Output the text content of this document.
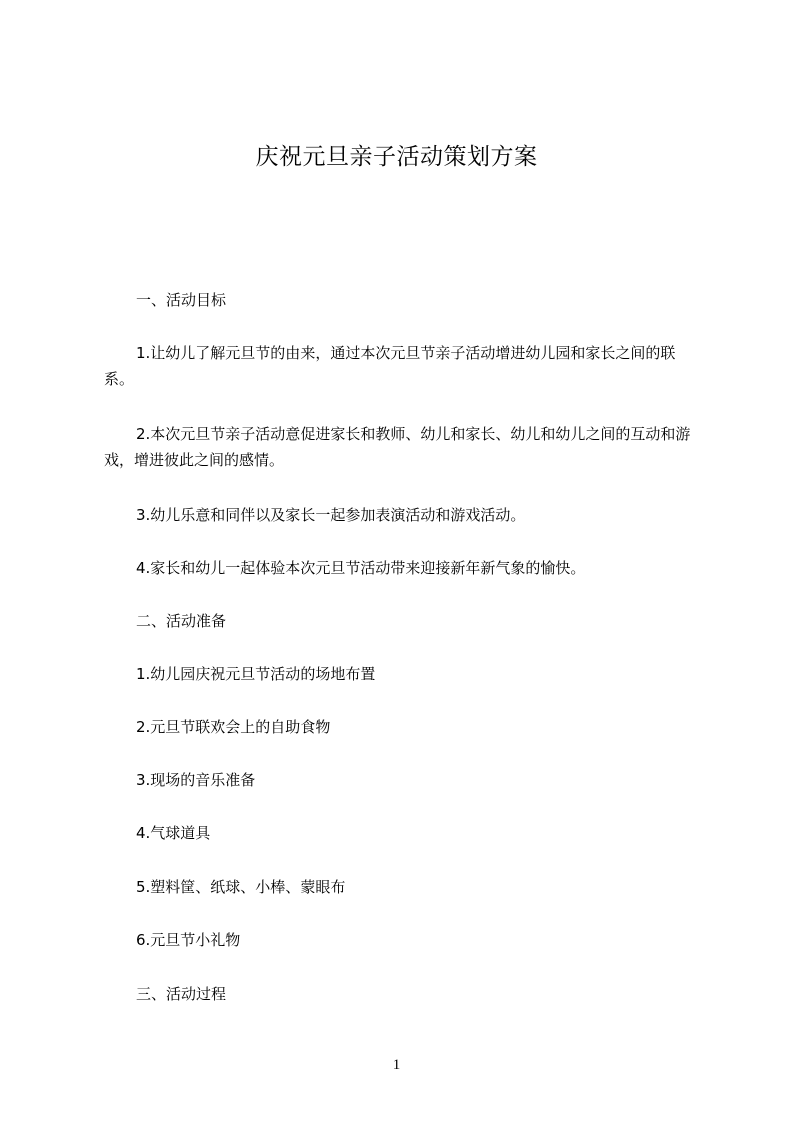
庆祝元旦亲子活动策划方案

一、活动目标

1.让幼儿了解元旦节的由来，通过本次元旦节亲子活动增进幼儿园和家长之间的联系。

2.本次元旦节亲子活动意促进家长和教师、幼儿和家长、幼儿和幼儿之间的互动和游戏，增进彼此之间的感情。

3.幼儿乐意和同伴以及家长一起参加表演活动和游戏活动。

4.家长和幼儿一起体验本次元旦节活动带来迎接新年新气象的愉快。

二、活动准备

1.幼儿园庆祝元旦节活动的场地布置

2.元旦节联欢会上的自助食物

3.现场的音乐准备

4.气球道具

5.塑料筐、纸球、小棒、蒙眼布

6.元旦节小礼物

三、活动过程

1
